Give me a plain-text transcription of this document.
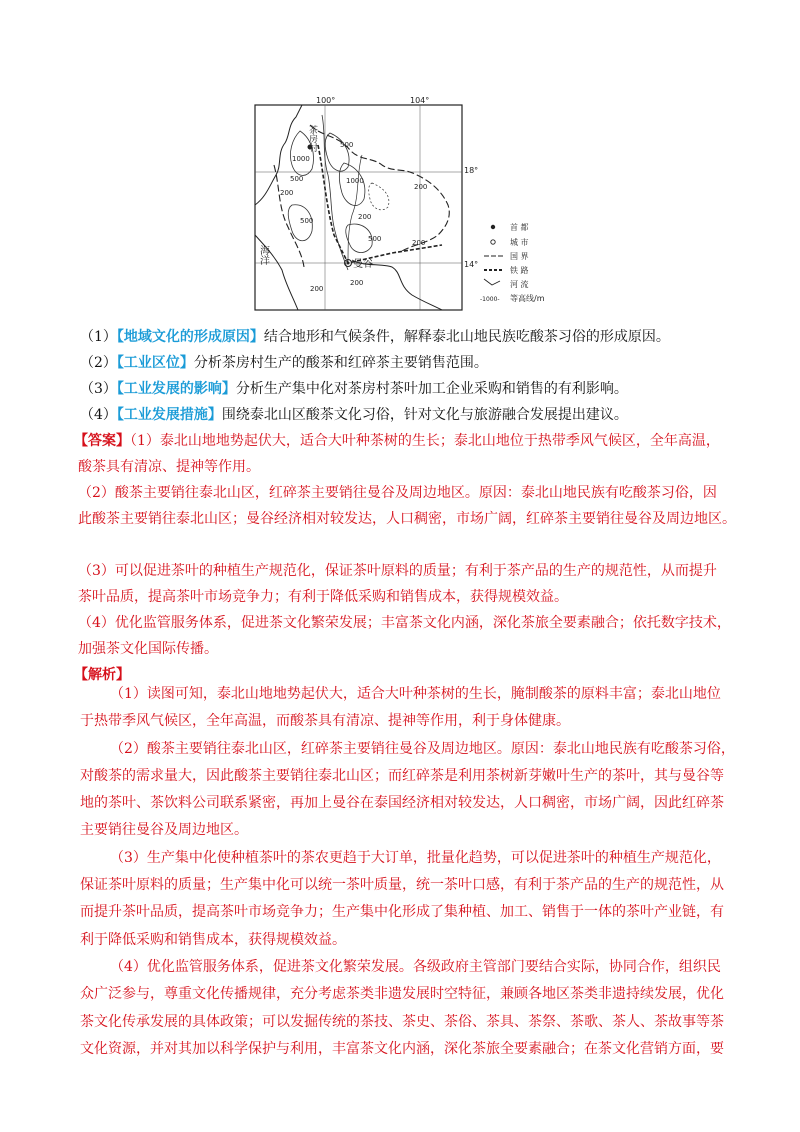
100°	104°
18°
14°
茶房村
海洋	曼谷
500
1000
500
200
1000
200
200
500
500	200
200
200
首 都
城 市
国 界
铁 路
河 流
-1000- 等高线/m
（1）【地域文化的形成原因】结合地形和气候条件，解释泰北山地民族吃酸茶习俗的形成原因。
（2）【工业区位】分析茶房村生产的酸茶和红碎茶主要销售范围。
（3）【工业发展的影响】分析生产集中化对茶房村茶叶加工企业采购和销售的有利影响。
（4）【工业发展措施】围绕泰北山区酸茶文化习俗，针对文化与旅游融合发展提出建议。
【答案】（1）泰北山地地势起伏大，适合大叶种茶树的生长；泰北山地位于热带季风气候区，全年高温，
酸茶具有清凉、提神等作用。
（2）酸茶主要销往泰北山区，红碎茶主要销往曼谷及周边地区。原因：泰北山地民族有吃酸茶习俗，因
此酸茶主要销往泰北山区；曼谷经济相对较发达，人口稠密，市场广阔，红碎茶主要销往曼谷及周边地区。
（3）可以促进茶叶的种植生产规范化，保证茶叶原料的质量；有利于茶产品的生产的规范性，从而提升
茶叶品质，提高茶叶市场竞争力；有利于降低采购和销售成本，获得规模效益。
（4）优化监管服务体系，促进茶文化繁荣发展；丰富茶文化内涵，深化茶旅全要素融合；依托数字技术，
加强茶文化国际传播。
【解析】
（1）读图可知，泰北山地地势起伏大，适合大叶种茶树的生长，腌制酸茶的原料丰富；泰北山地位
于热带季风气候区，全年高温，而酸茶具有清凉、提神等作用，利于身体健康。
（2）酸茶主要销往泰北山区，红碎茶主要销往曼谷及周边地区。原因：泰北山地民族有吃酸茶习俗，
对酸茶的需求量大，因此酸茶主要销往泰北山区；而红碎茶是利用茶树新芽嫩叶生产的茶叶，其与曼谷等
地的茶叶、茶饮料公司联系紧密，再加上曼谷在泰国经济相对较发达，人口稠密，市场广阔，因此红碎茶
主要销往曼谷及周边地区。
（3）生产集中化使种植茶叶的茶农更趋于大订单，批量化趋势，可以促进茶叶的种植生产规范化，
保证茶叶原料的质量；生产集中化可以统一茶叶质量，统一茶叶口感，有利于茶产品的生产的规范性，从
而提升茶叶品质，提高茶叶市场竞争力；生产集中化形成了集种植、加工、销售于一体的茶叶产业链，有
利于降低采购和销售成本，获得规模效益。
（4）优化监管服务体系，促进茶文化繁荣发展。各级政府主管部门要结合实际，协同合作，组织民
众广泛参与，尊重文化传播规律，充分考虑茶类非遗发展时空特征，兼顾各地区茶类非遗持续发展，优化
茶文化传承发展的具体政策；可以发掘传统的茶技、茶史、茶俗、茶具、茶祭、茶歌、茶人、茶故事等茶
文化资源，并对其加以科学保护与利用，丰富茶文化内涵，深化茶旅全要素融合；在茶文化营销方面，要
